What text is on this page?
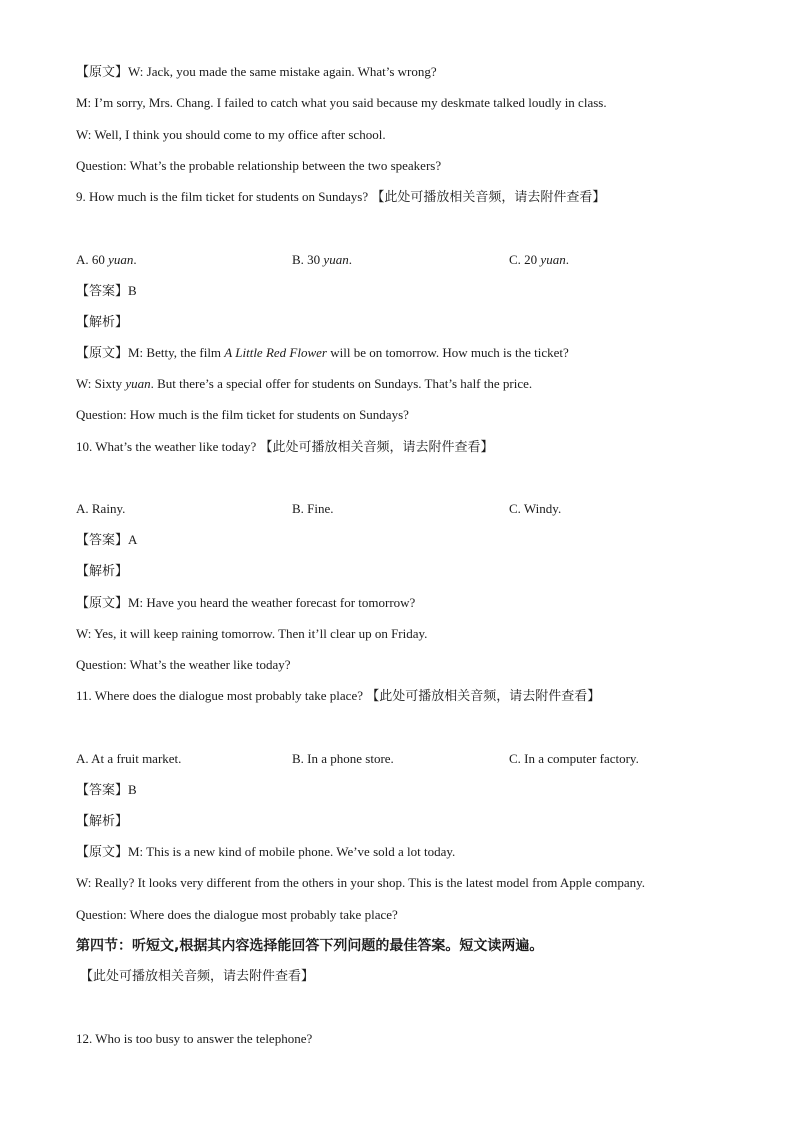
【原文】W: Jack, you made the same mistake again. What’s wrong?
M: I’m sorry, Mrs. Chang. I failed to catch what you said because my deskmate talked loudly in class.
W: Well, I think you should come to my office after school.
Question: What’s the probable relationship between the two speakers?
9. How much is the film ticket for students on Sundays? 【此处可播放相关音频，请去附件查看】
A. 60 yuan.	B. 30 yuan.	C. 20 yuan.
【答案】B
【解析】
【原文】M: Betty, the film A Little Red Flower will be on tomorrow. How much is the ticket?
W: Sixty yuan. But there’s a special offer for students on Sundays. That’s half the price.
Question: How much is the film ticket for students on Sundays?
10. What’s the weather like today? 【此处可播放相关音频，请去附件查看】
A. Rainy.	B. Fine.	C. Windy.
【答案】A
【解析】
【原文】M: Have you heard the weather forecast for tomorrow?
W: Yes, it will keep raining tomorrow. Then it’ll clear up on Friday.
Question: What’s the weather like today?
11. Where does the dialogue most probably take place? 【此处可播放相关音频，请去附件查看】
A. At a fruit market.	B. In a phone store.	C. In a computer factory.
【答案】B
【解析】
【原文】M: This is a new kind of mobile phone. We’ve sold a lot today.
W: Really? It looks very different from the others in your shop. This is the latest model from Apple company.
Question: Where does the dialogue most probably take place?
第四节：听短文,根据其内容选择能回答下列问题的最佳答案。短文读两遍。
【此处可播放相关音频，请去附件查看】
12. Who is too busy to answer the telephone?
